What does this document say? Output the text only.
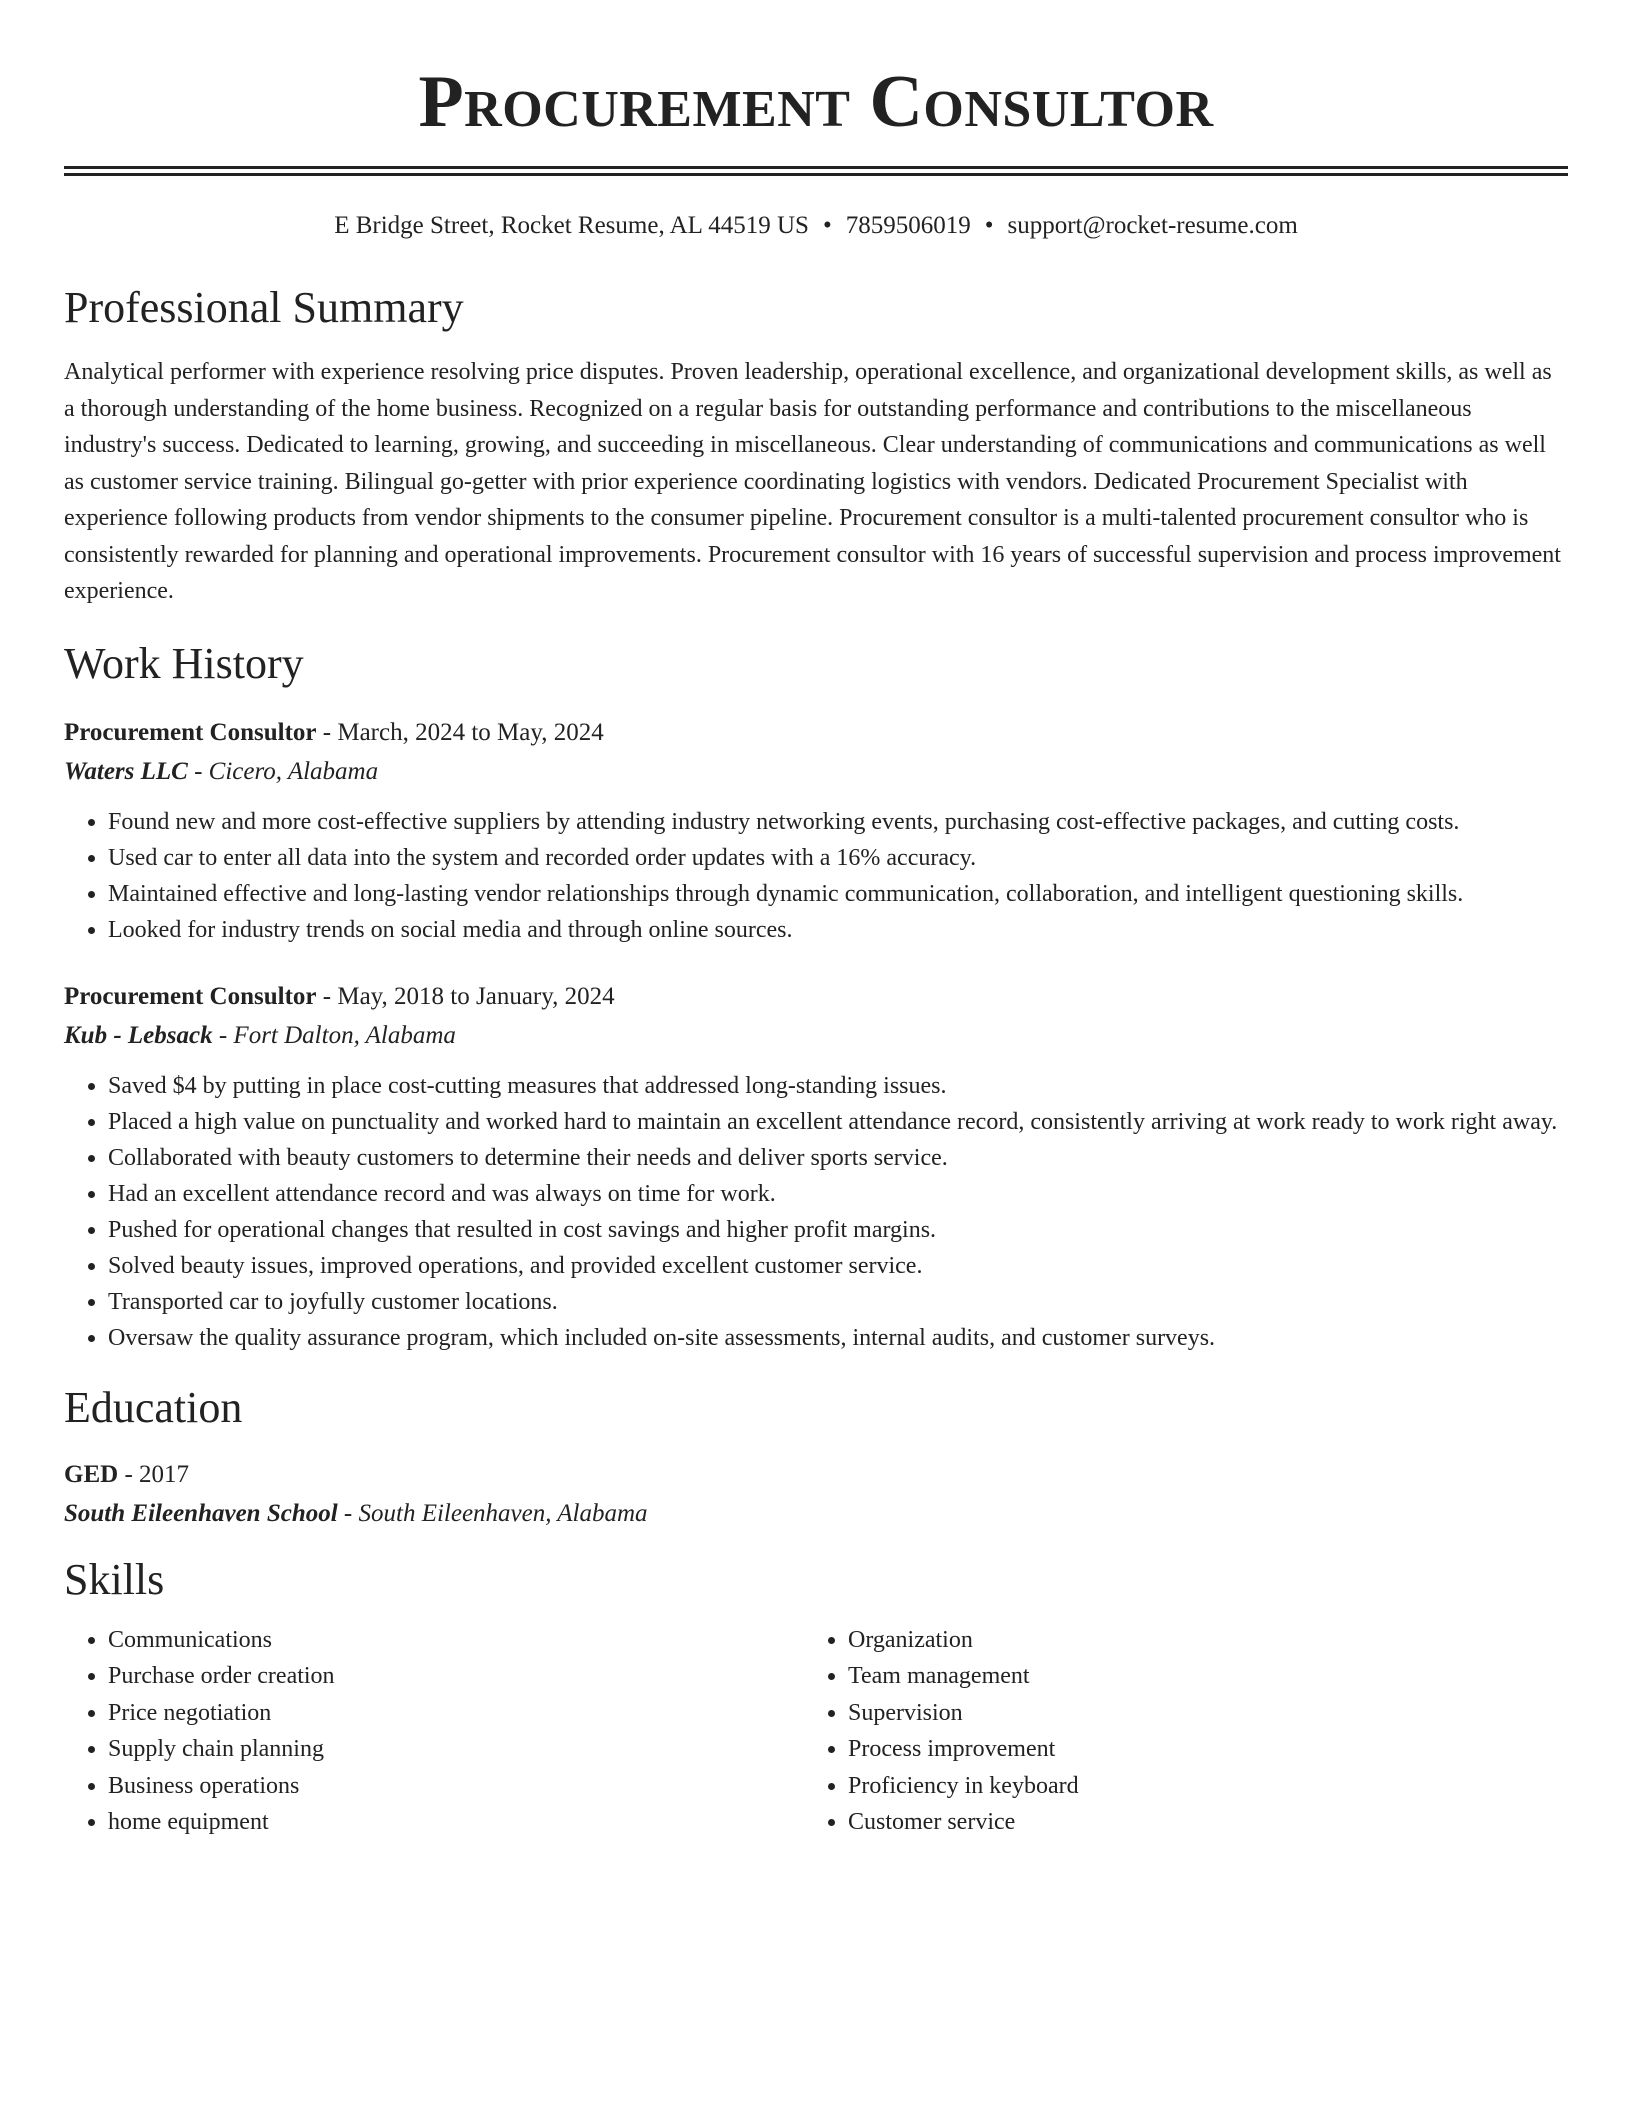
Procurement Consultor
E Bridge Street, Rocket Resume, AL 44519 US • 7859506019 • support@rocket-resume.com
Professional Summary

Analytical performer with experience resolving price disputes. Proven leadership, operational excellence, and organizational development skills, as well as a thorough understanding of the home business. Recognized on a regular basis for outstanding performance and contributions to the miscellaneous industry's success. Dedicated to learning, growing, and succeeding in miscellaneous. Clear understanding of communications and communications as well as customer service training. Bilingual go-getter with prior experience coordinating logistics with vendors. Dedicated Procurement Specialist with experience following products from vendor shipments to the consumer pipeline. Procurement consultor is a multi-talented procurement consultor who is consistently rewarded for planning and operational improvements. Procurement consultor with 16 years of successful supervision and process improvement experience.

Work History
Procurement Consultor - March, 2024 to May, 2024
Waters LLC - Cicero, Alabama
• Found new and more cost-effective suppliers by attending industry networking events, purchasing cost-effective packages, and cutting costs.
• Used car to enter all data into the system and recorded order updates with a 16% accuracy.
• Maintained effective and long-lasting vendor relationships through dynamic communication, collaboration, and intelligent questioning skills.
• Looked for industry trends on social media and through online sources.
Procurement Consultor - May, 2018 to January, 2024
Kub - Lebsack - Fort Dalton, Alabama
• Saved $4 by putting in place cost-cutting measures that addressed long-standing issues.
• Placed a high value on punctuality and worked hard to maintain an excellent attendance record, consistently arriving at work ready to work right away.
• Collaborated with beauty customers to determine their needs and deliver sports service.
• Had an excellent attendance record and was always on time for work.
• Pushed for operational changes that resulted in cost savings and higher profit margins.
• Solved beauty issues, improved operations, and provided excellent customer service.
• Transported car to joyfully customer locations.
• Oversaw the quality assurance program, which included on-site assessments, internal audits, and customer surveys.
Education
GED - 2017
South Eileenhaven School - South Eileenhaven, Alabama
Skills
• Communications
• Purchase order creation
• Price negotiation
• Supply chain planning
• Business operations
• home equipment
• Organization
• Team management
• Supervision
• Process improvement
• Proficiency in keyboard
• Customer service
